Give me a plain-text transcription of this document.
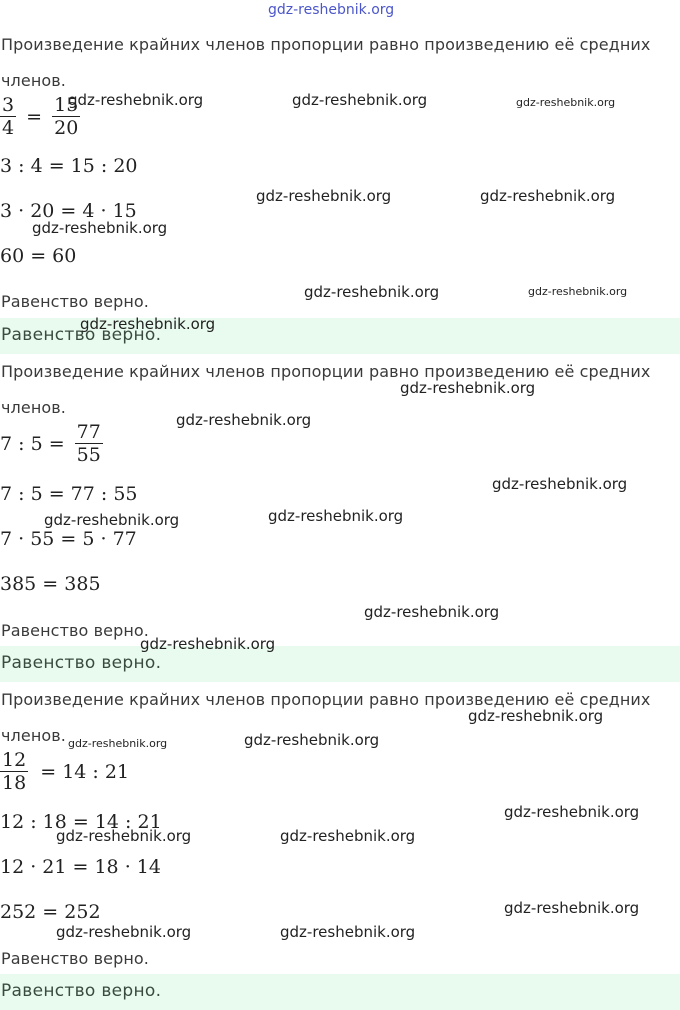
gdz-reshebnik.org
Произведение крайних членов пропорции равно произведению её средних
членов.
$\frac{3}{4} = \frac{15}{20}$
3 : 4 = 15 : 20
3 · 20 = 4 · 15
60 = 60
Равенство верно.
Равенство верно.
Произведение крайних членов пропорции равно произведению её средних
членов.
7 : $5 = \frac{77}{55}$
7 : 5 = 77 : 55
7 · 55 = 5 · 77
385 = 385
Равенство верно.
Равенство верно.
Произведение крайних членов пропорции равно произведению её средних
членов.
$\frac{12}{18} = 14$ : 21
12 : 18 = 14 : 21
12 · 21 = 18 · 14
252 = 252
Равенство верно.
Равенство верно.
gdz-reshebnik.org	gdz-reshebnik.org	gdz-reshebnik.org
gdz-reshebnik.org	gdz-reshebnik.org
gdz-reshebnik.org
gdz-reshebnik.org	gdz-reshebnik.org
gdz-reshebnik.org
gdz-reshebnik.org
gdz-reshebnik.org
gdz-reshebnik.org
gdz-reshebnik.org	gdz-reshebnik.org
gdz-reshebnik.org
gdz-reshebnik.org
gdz-reshebnik.org
gdz-reshebnik.org	gdz-reshebnik.org
gdz-reshebnik.org
gdz-reshebnik.org	gdz-reshebnik.org
gdz-reshebnik.org
gdz-reshebnik.org	gdz-reshebnik.org
